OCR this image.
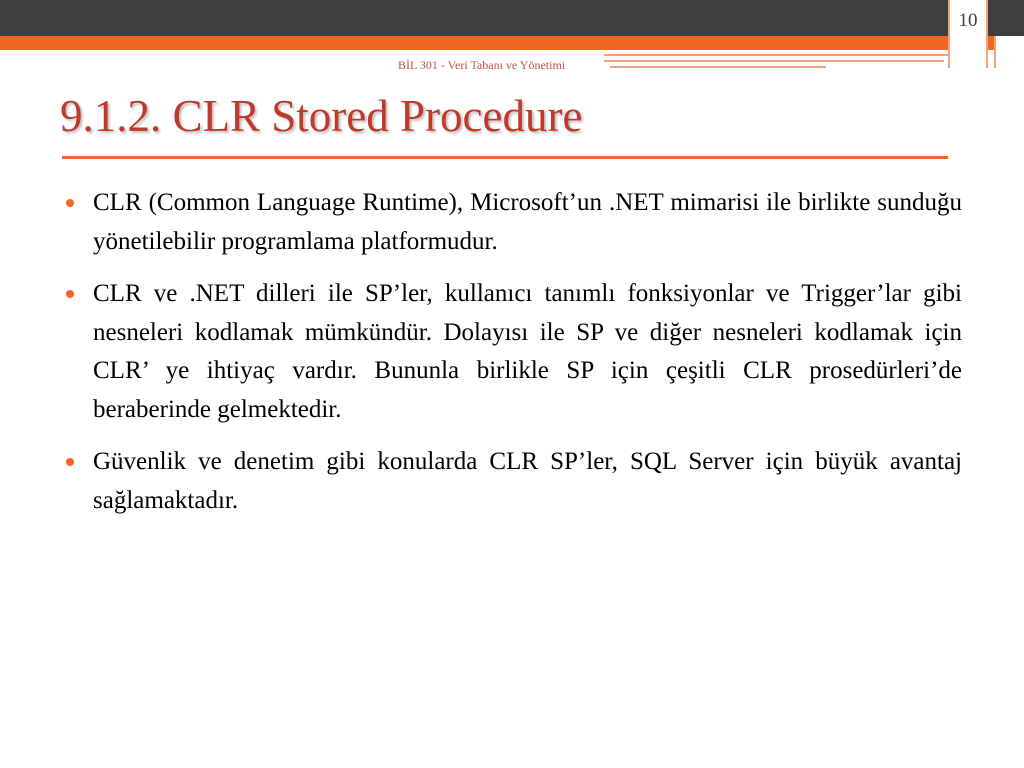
10
BİL 301 - Veri Tabanı ve Yönetimi
9.1.2. CLR Stored Procedure
CLR (Common Language Runtime), Microsoft’un .NET mimarisi ile birlikte sunduğu yönetilebilir programlama platformudur.
CLR ve .NET dilleri ile SP’ler, kullanıcı tanımlı fonksiyonlar ve Trigger’lar gibi nesneleri kodlamak mümkündür. Dolayısı ile SP ve diğer nesneleri kodlamak için CLR’ ye ihtiyaç vardır. Bununla birlikle SP için çeşitli CLR prosedürleri’de beraberinde gelmektedir.
Güvenlik ve denetim gibi konularda CLR SP’ler, SQL Server için büyük avantaj sağlamaktadır.
